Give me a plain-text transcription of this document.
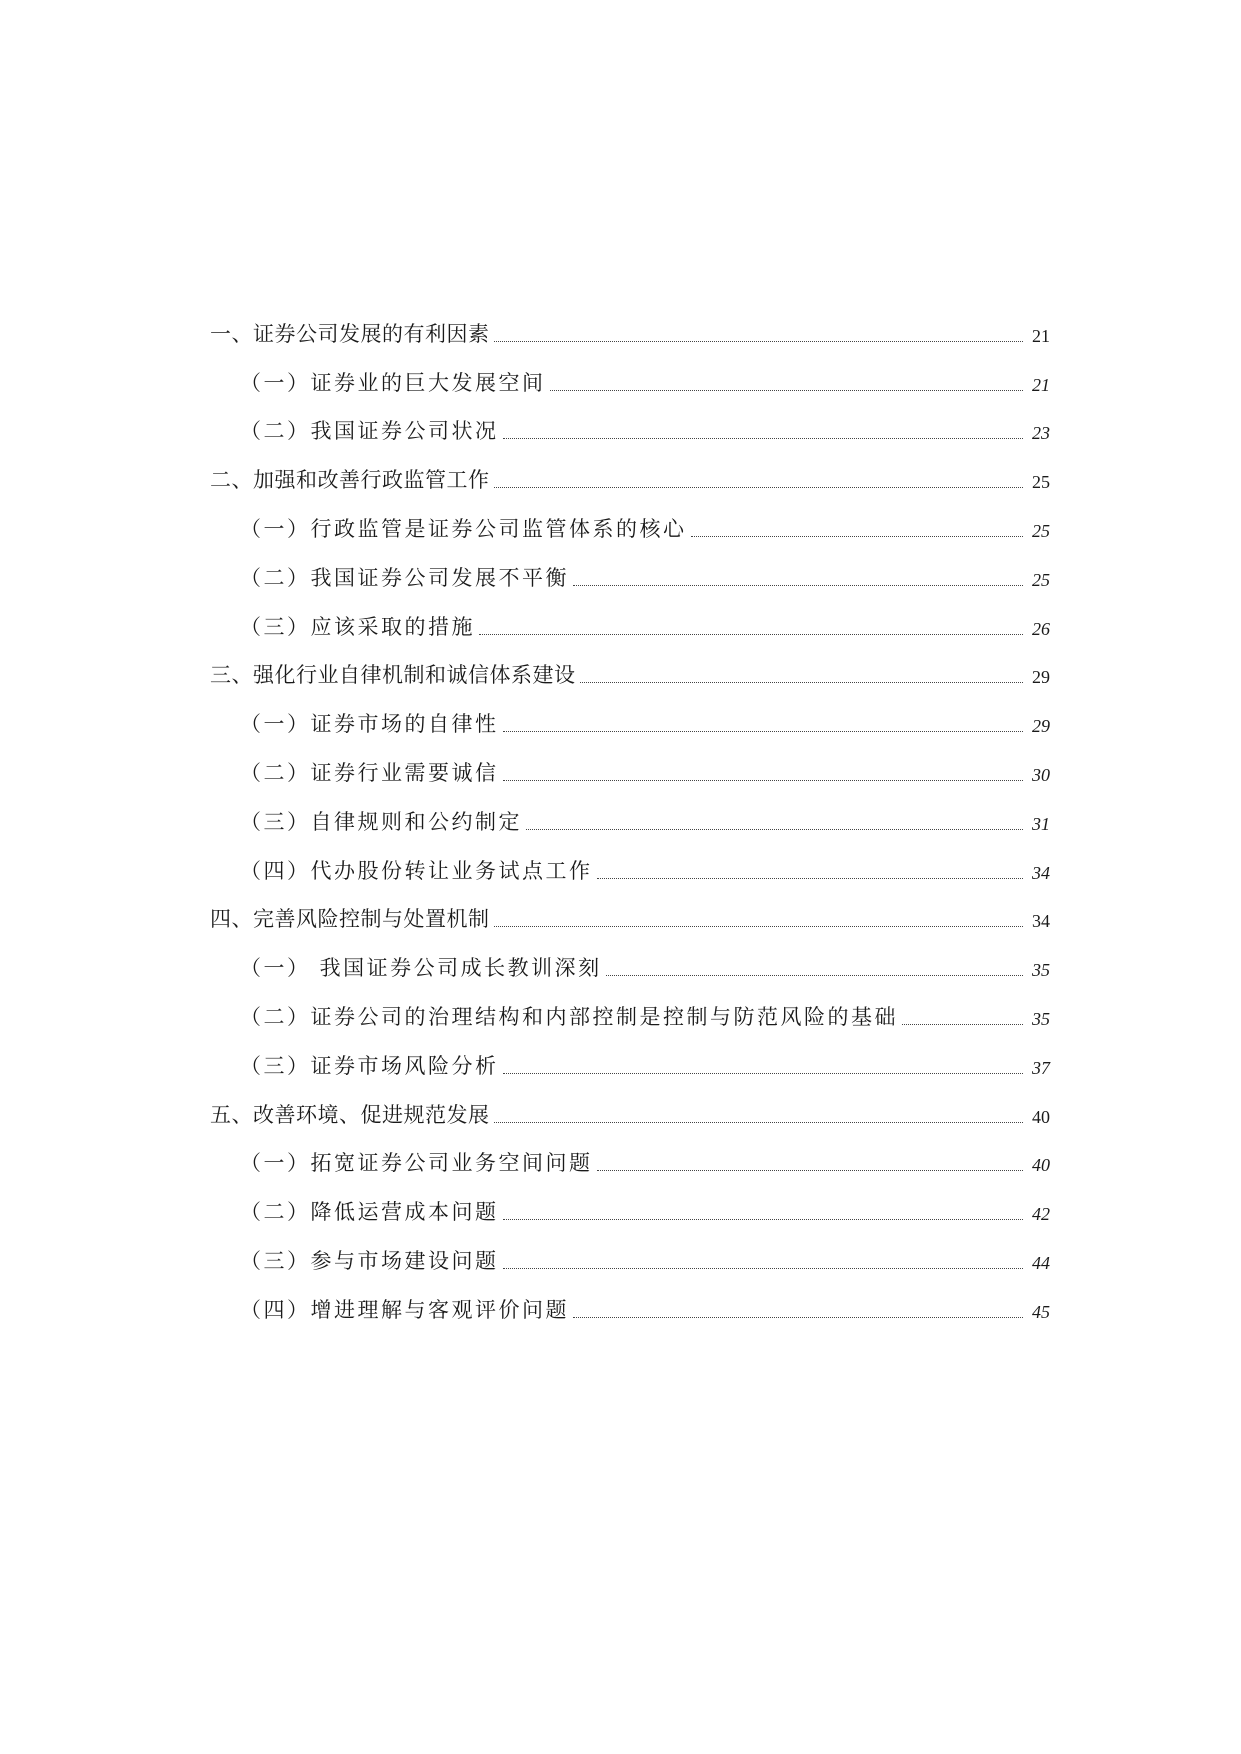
一、证券公司发展的有利因素	21
（一）证券业的巨大发展空间	21
（二）我国证券公司状况	23
二、加强和改善行政监管工作	25
（一）行政监管是证券公司监管体系的核心	25
（二）我国证券公司发展不平衡	25
（三）应该采取的措施	26
三、强化行业自律机制和诚信体系建设	29
（一）证券市场的自律性	29
（二）证券行业需要诚信	30
（三）自律规则和公约制定	31
（四）代办股份转让业务试点工作	34
四、完善风险控制与处置机制	34
（一） 我国证券公司成长教训深刻	35
（二）证券公司的治理结构和内部控制是控制与防范风险的基础	35
（三）证券市场风险分析	37
五、改善环境、促进规范发展	40
（一）拓宽证券公司业务空间问题	40
（二）降低运营成本问题	42
（三）参与市场建设问题	44
（四）增进理解与客观评价问题	45
